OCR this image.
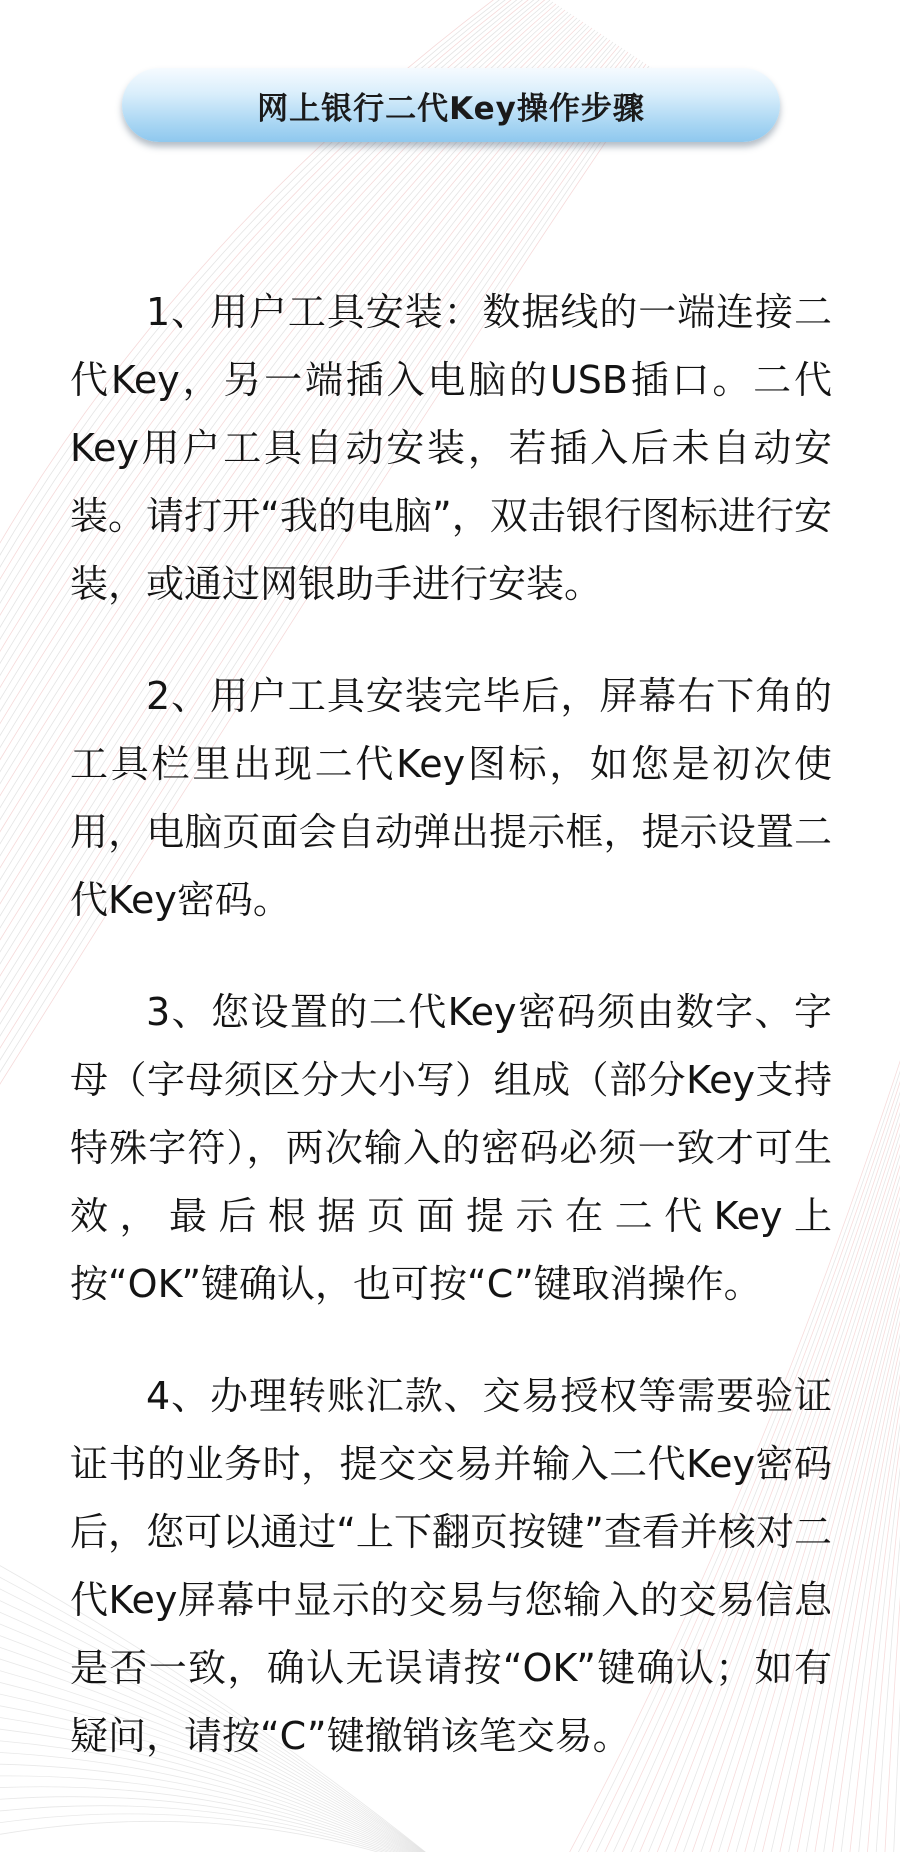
网上银行二代Key操作步骤

1、用户工具安装：数据线的一端连接二代Key，另一端插入电脑的USB插口。二代Key用户工具自动安装，若插入后未自动安装。请打开“我的电脑”，双击银行图标进行安装，或通过网银助手进行安装。

2、用户工具安装完毕后，屏幕右下角的工具栏里出现二代Key图标，如您是初次使用，电脑页面会自动弹出提示框，提示设置二代Key密码。

3、您设置的二代Key密码须由数字、字母（字母须区分大小写）组成（部分Key支持特殊字符），两次输入的密码必须一致才可生效，最后根据页面提示在二代Key上按“OK”键确认，也可按“C”键取消操作。

4、办理转账汇款、交易授权等需要验证证书的业务时，提交交易并输入二代Key密码后，您可以通过“上下翻页按键”查看并核对二代Key屏幕中显示的交易与您输入的交易信息是否一致，确认无误请按“OK”键确认；如有疑问，请按“C”键撤销该笔交易。
